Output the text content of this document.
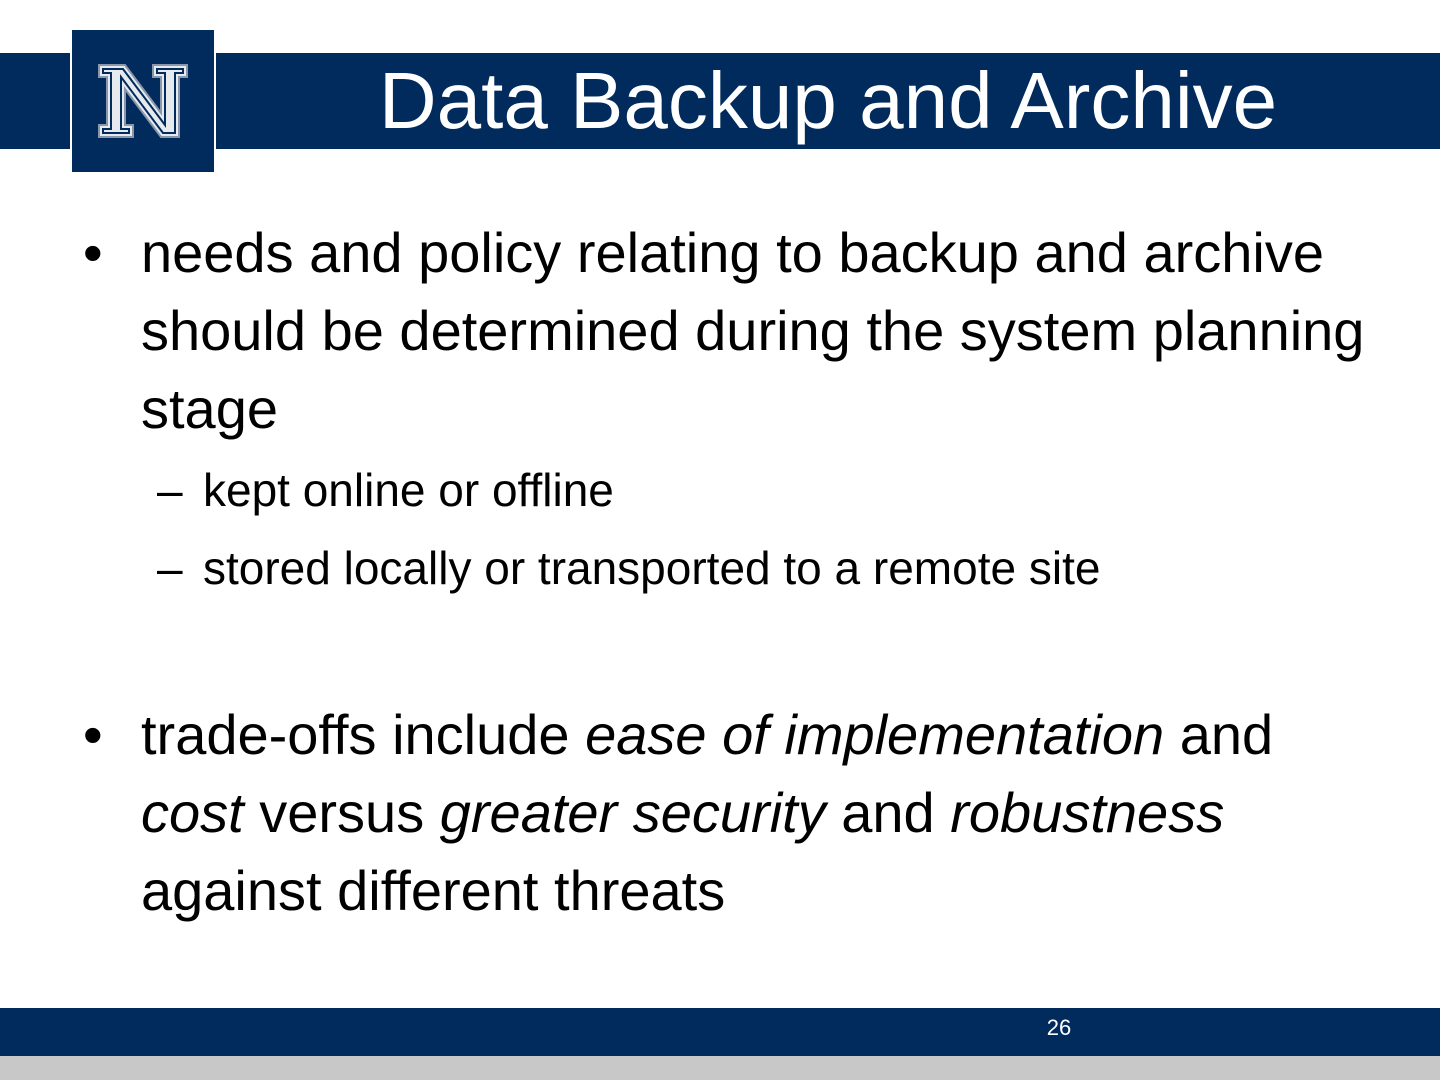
Data Backup and Archive
• needs and policy relating to backup and archive should be determined during the system planning stage
– kept online or offline
– stored locally or transported to a remote site
• trade-offs include ease of implementation and cost versus greater security and robustness against different threats
26
